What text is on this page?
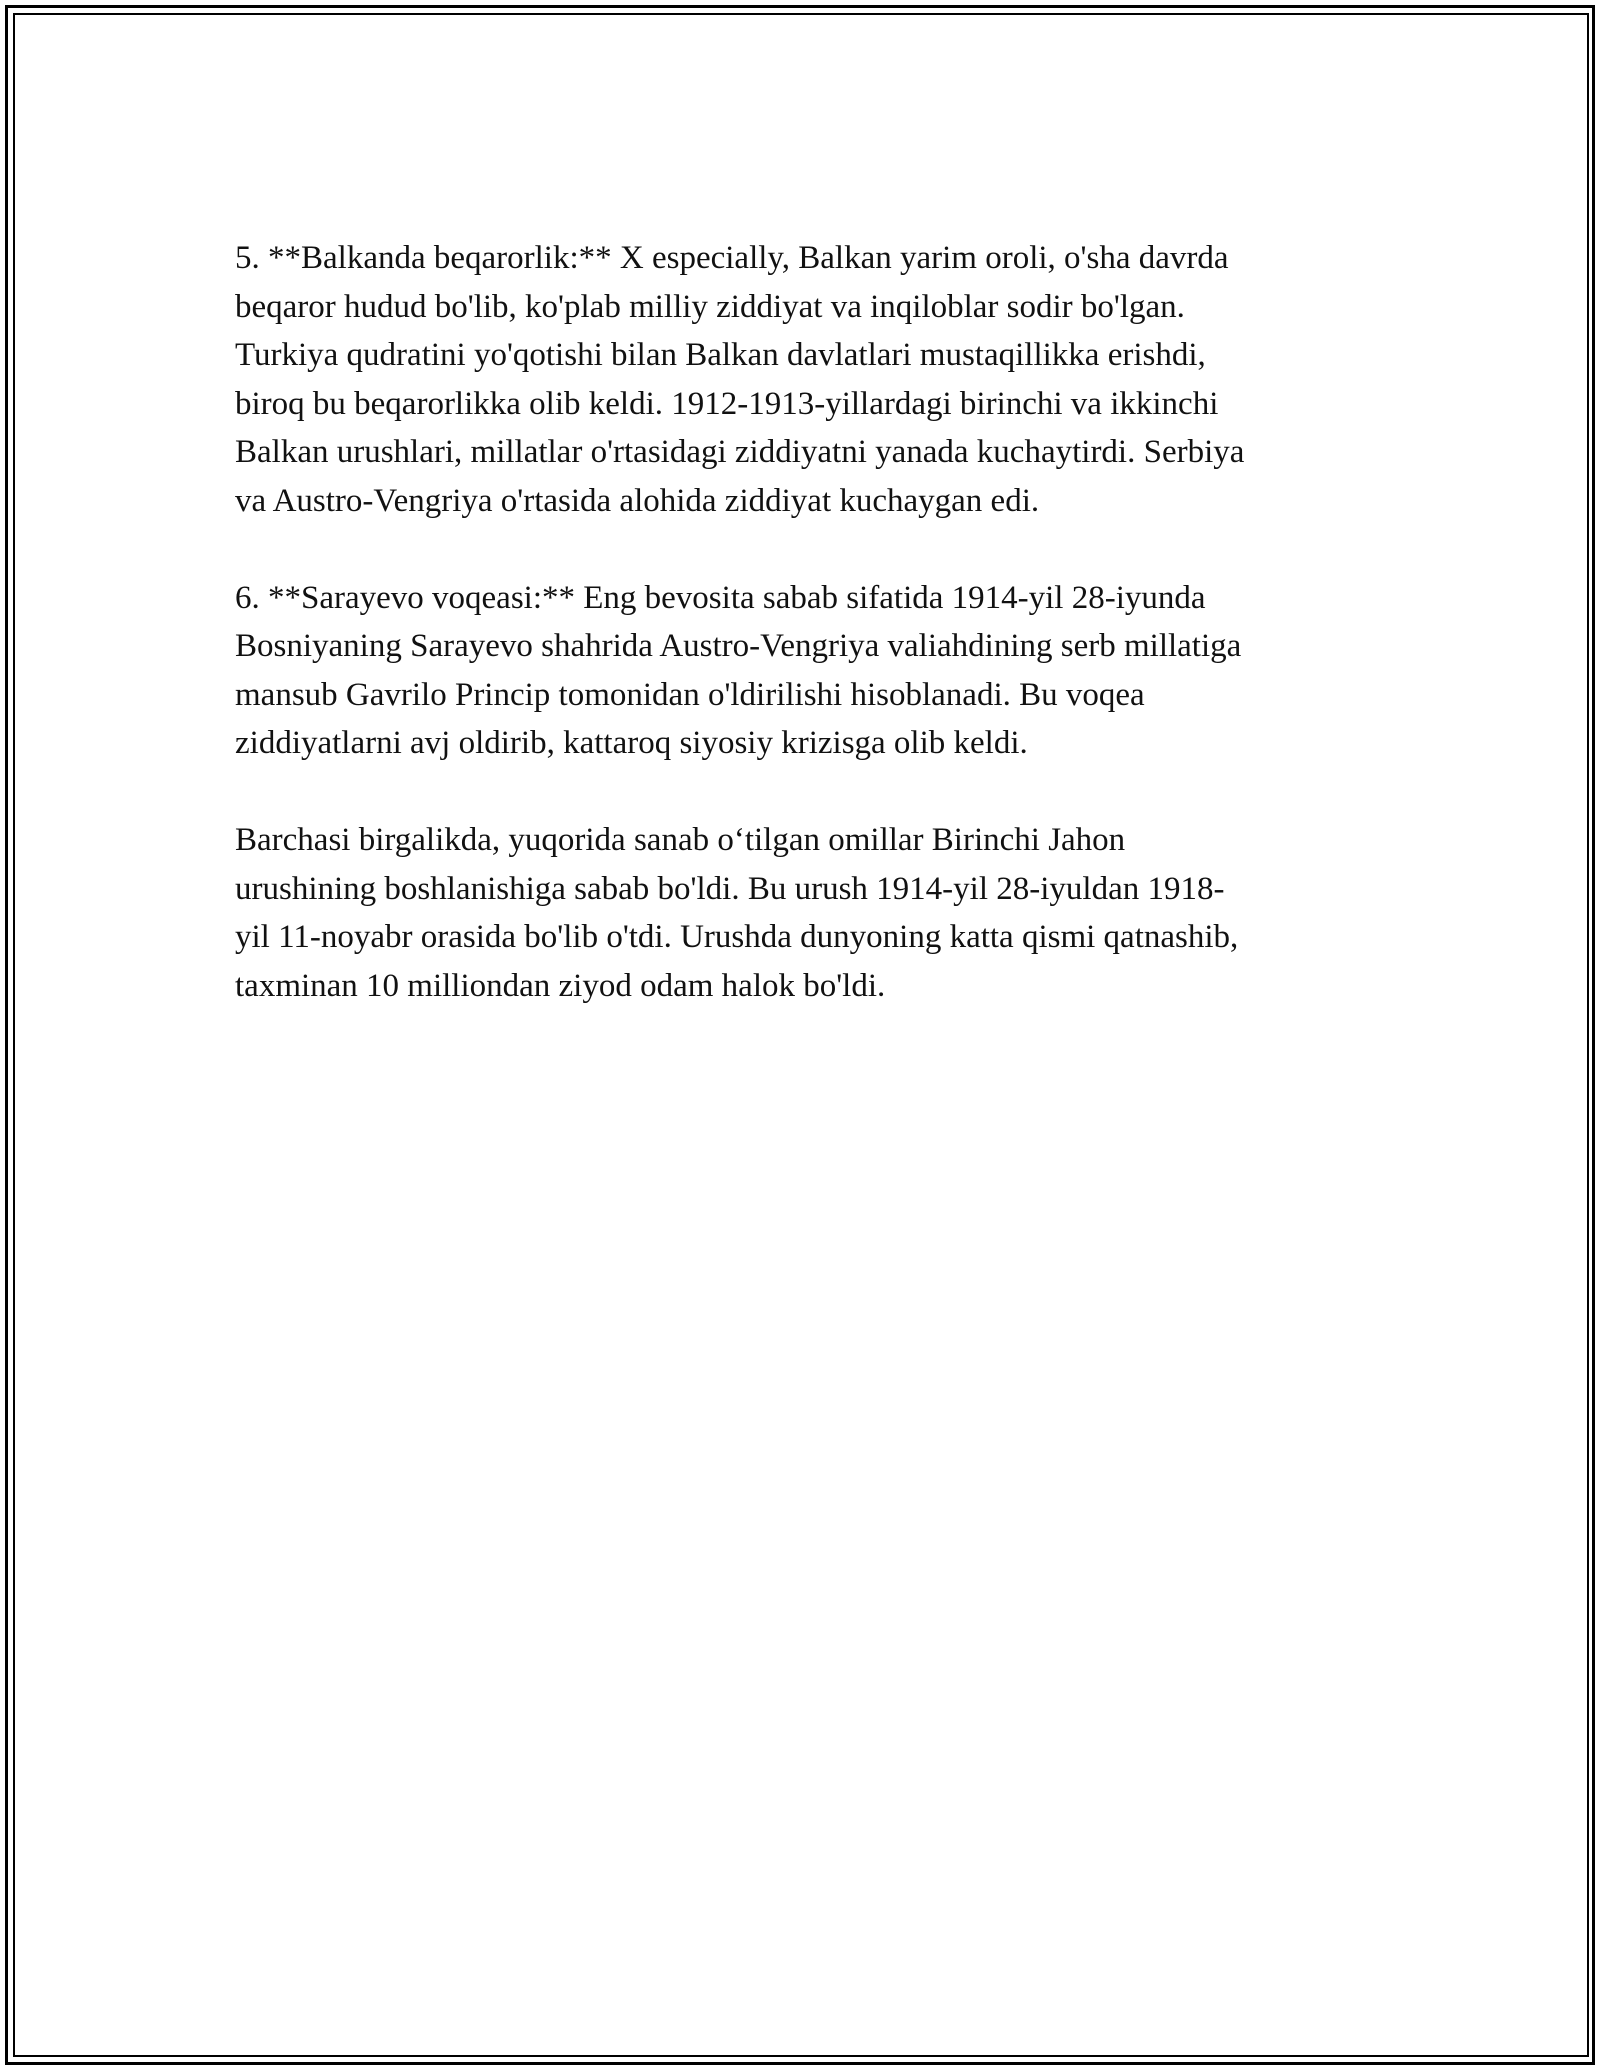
5. **Balkanda beqarorlik:** X especially, Balkan yarim oroli, o'sha davrda
beqaror hudud bo'lib, ko'plab milliy ziddiyat va inqiloblar sodir bo'lgan.
Turkiya qudratini yo'qotishi bilan Balkan davlatlari mustaqillikka erishdi,
biroq bu beqarorlikka olib keldi. 1912-1913-yillardagi birinchi va ikkinchi
Balkan urushlari, millatlar o'rtasidagi ziddiyatni yanada kuchaytirdi. Serbiya
va Austro-Vengriya o'rtasida alohida ziddiyat kuchaygan edi.

6. **Sarayevo voqeasi:** Eng bevosita sabab sifatida 1914-yil 28-iyunda
Bosniyaning Sarayevo shahrida Austro-Vengriya valiahdining serb millatiga
mansub Gavrilo Princip tomonidan o'ldirilishi hisoblanadi. Bu voqea
ziddiyatlarni avj oldirib, kattaroq siyosiy krizisga olib keldi.

Barchasi birgalikda, yuqorida sanab o‘tilgan omillar Birinchi Jahon
urushining boshlanishiga sabab bo'ldi. Bu urush 1914-yil 28-iyuldan 1918-
yil 11-noyabr orasida bo'lib o'tdi. Urushda dunyoning katta qismi qatnashib,
taxminan 10 milliondan ziyod odam halok bo'ldi.
